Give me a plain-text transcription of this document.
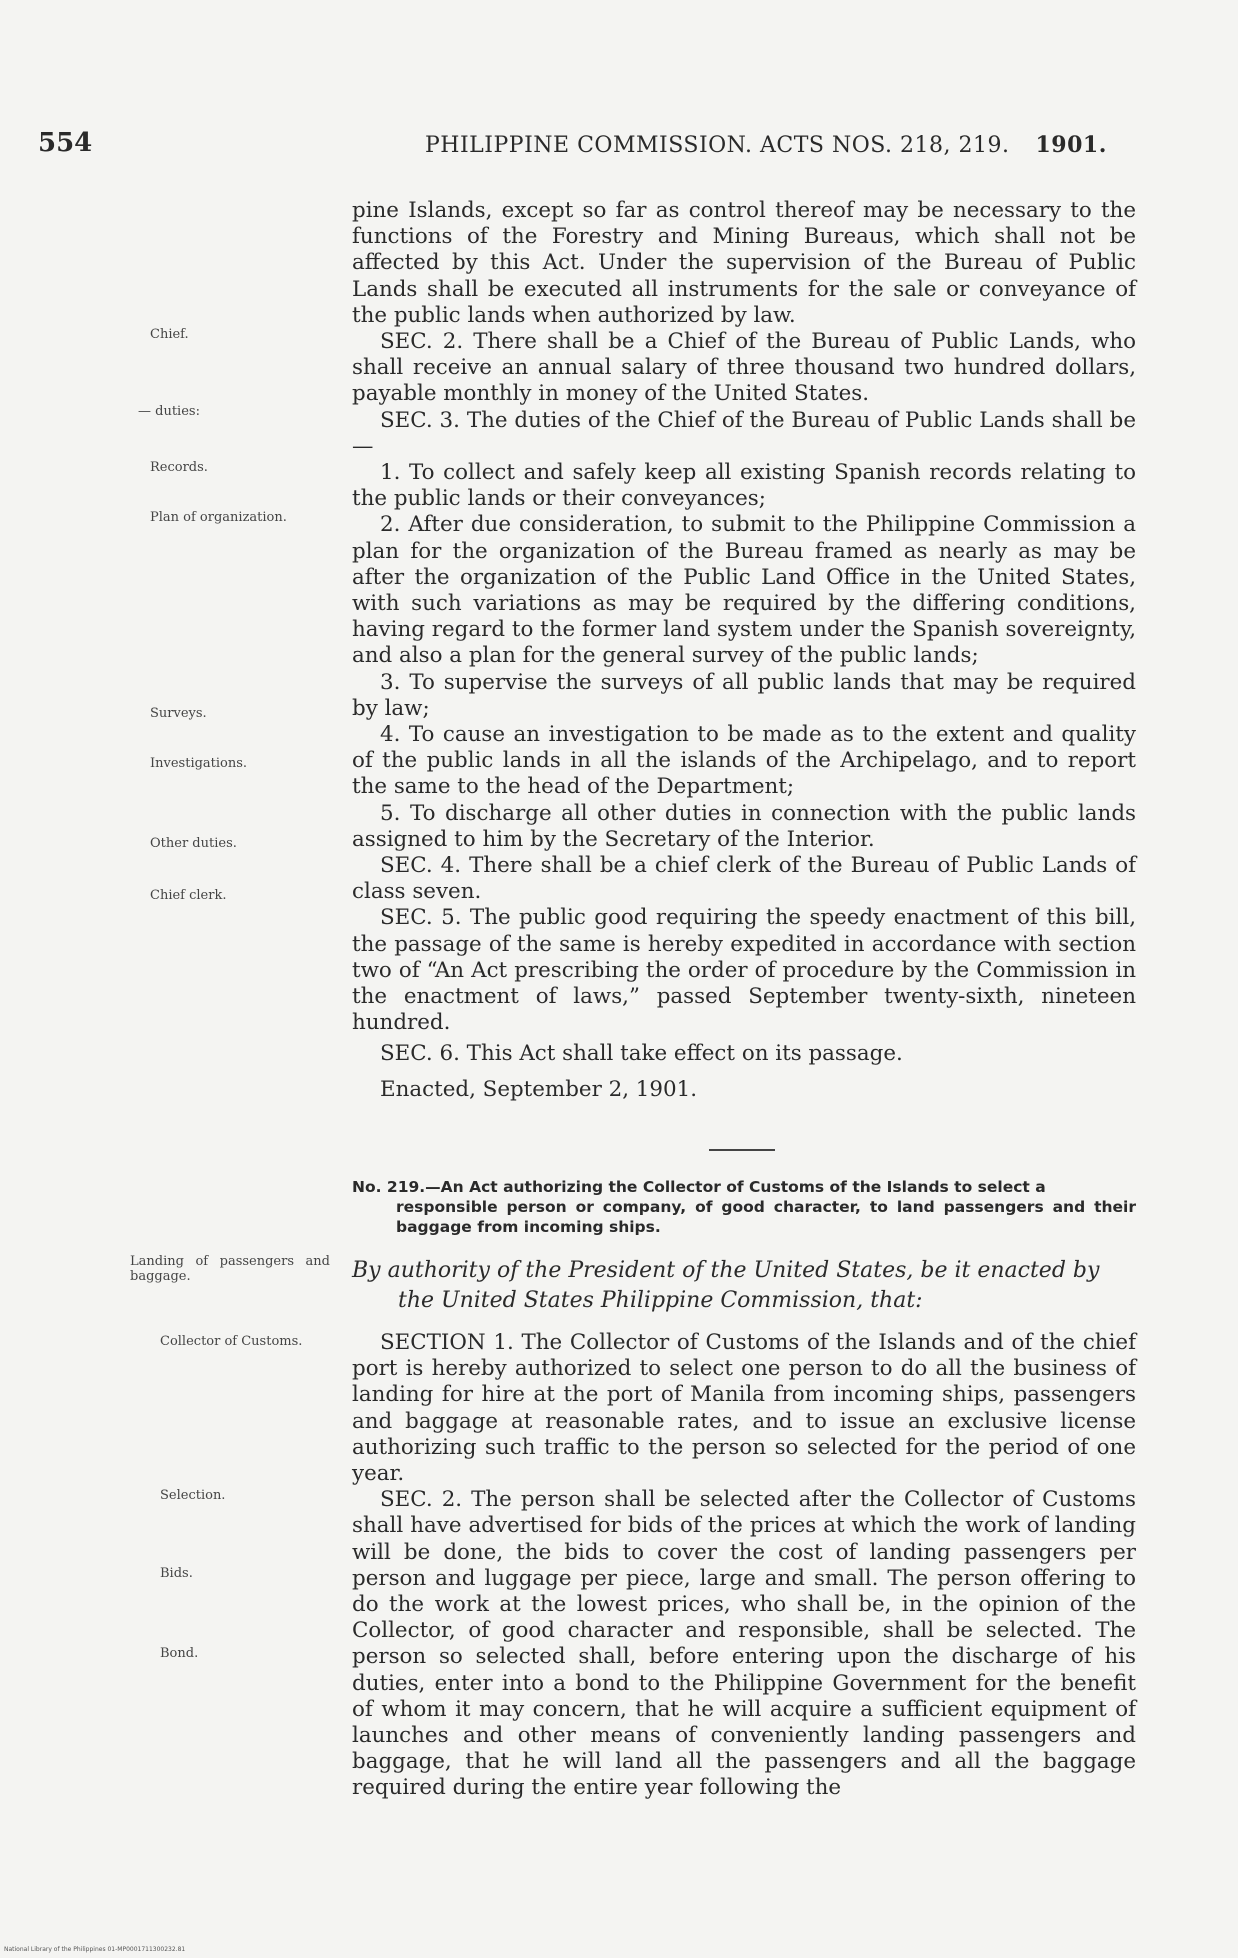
554	PHILIPPINE COMMISSION. ACTS NOS. 218, 219. 1901.

pine Islands, except so far as control thereof may be necessary to the functions of the Forestry and Mining Bureaus, which shall not be affected by this Act. Under the supervision of the Bureau of Public Lands shall be executed all instruments for the sale or conveyance of the public lands when authorized by law.

SEC. 2. There shall be a Chief of the Bureau of Public Lands, who shall receive an annual salary of three thousand two hundred dollars, payable monthly in money of the United States.

SEC. 3. The duties of the Chief of the Bureau of Public Lands shall be—

1. To collect and safely keep all existing Spanish records relating to the public lands or their conveyances;

2. After due consideration, to submit to the Philippine Commission a plan for the organization of the Bureau framed as nearly as may be after the organization of the Public Land Office in the United States, with such variations as may be required by the differing conditions, having regard to the former land system under the Spanish sovereignty, and also a plan for the general survey of the public lands;

3. To supervise the surveys of all public lands that may be required by law;

4. To cause an investigation to be made as to the extent and quality of the public lands in all the islands of the Archipelago, and to report the same to the head of the Department;

5. To discharge all other duties in connection with the public lands assigned to him by the Secretary of the Interior.

SEC. 4. There shall be a chief clerk of the Bureau of Public Lands of class seven.

SEC. 5. The public good requiring the speedy enactment of this bill, the passage of the same is hereby expedited in accordance with section two of “An Act prescribing the order of procedure by the Commission in the enactment of laws,” passed September twenty-sixth, nineteen hundred.

SEC. 6. This Act shall take effect on its passage.

Enacted, September 2, 1901.

No. 219.—An Act authorizing the Collector of Customs of the Islands to select a
responsible person or company, of good character, to land passengers and their baggage from incoming ships.
By authority of the President of the United States, be it enacted by
the United States Philippine Commission, that:

SECTION 1. The Collector of Customs of the Islands and of the chief port is hereby authorized to select one person to do all the business of landing for hire at the port of Manila from incoming ships, passengers and baggage at reasonable rates, and to issue an exclusive license authorizing such traffic to the person so selected for the period of one year.

SEC. 2. The person shall be selected after the Collector of Customs shall have advertised for bids of the prices at which the work of landing will be done, the bids to cover the cost of landing passengers per person and luggage per piece, large and small. The person offering to do the work at the lowest prices, who shall be, in the opinion of the Collector, of good character and responsible, shall be selected. The person so selected shall, before entering upon the discharge of his duties, enter into a bond to the Philippine Government for the benefit of whom it may concern, that he will acquire a sufficient equipment of launches and other means of conveniently landing passengers and baggage, that he will land all the passengers and all the baggage required during the entire year following the

Chief.
— duties:
Records.
Plan of organization.
Surveys.
Investigations.
Other duties.
Chief clerk.
Landing of passengers and baggage.
Collector of Customs.
Selection.
Bids.
Bond.
National Library of the Philippines 01-MP0001711300232.81
